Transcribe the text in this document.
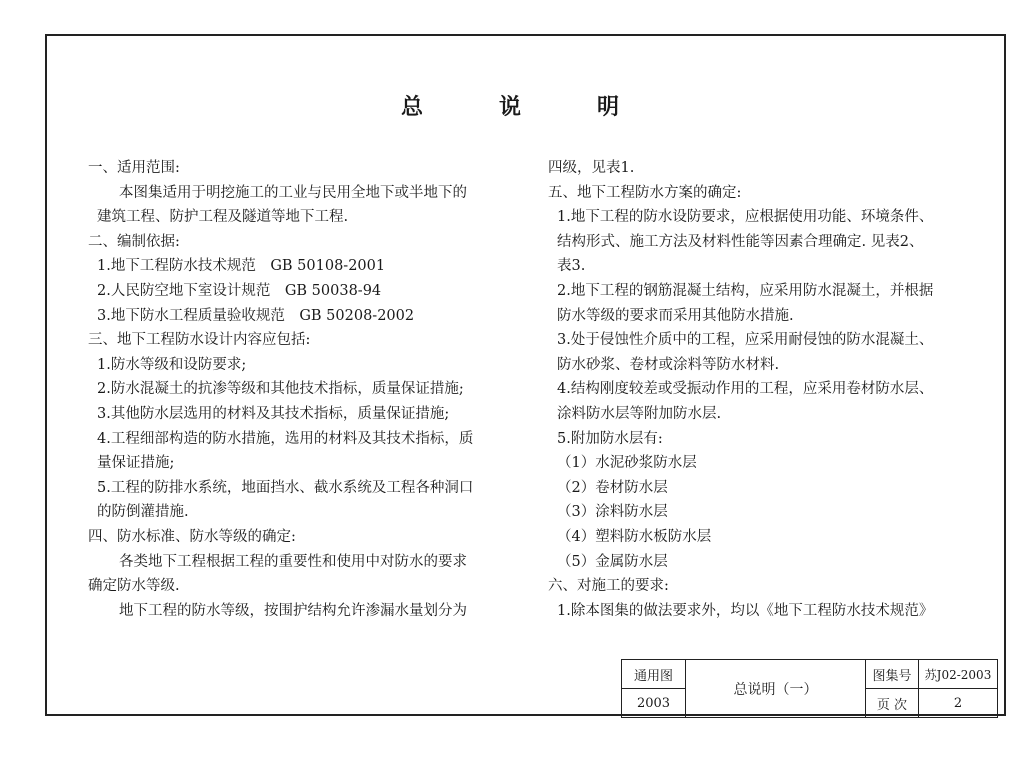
总	说	明
一、适用范围:
本图集适用于明挖施工的工业与民用全地下或半地下的
建筑工程、防护工程及隧道等地下工程.
二、编制依据:
1.地下工程防水技术规范　GB 50108-2001
2.人民防空地下室设计规范　GB 50038-94
3.地下防水工程质量验收规范　GB 50208-2002
三、地下工程防水设计内容应包括:
1.防水等级和设防要求;
2.防水混凝土的抗渗等级和其他技术指标，质量保证措施;
3.其他防水层选用的材料及其技术指标，质量保证措施;
4.工程细部构造的防水措施，选用的材料及其技术指标，质
量保证措施;
5.工程的防排水系统，地面挡水、截水系统及工程各种洞口
的防倒灌措施.
四、防水标准、防水等级的确定:
各类地下工程根据工程的重要性和使用中对防水的要求
确定防水等级.
地下工程的防水等级，按围护结构允许渗漏水量划分为
四级，见表1.
五、地下工程防水方案的确定:
1.地下工程的防水设防要求，应根据使用功能、环境条件、
结构形式、施工方法及材料性能等因素合理确定. 见表2、
表3.
2.地下工程的钢筋混凝土结构，应采用防水混凝土，并根据
防水等级的要求而采用其他防水措施.
3.处于侵蚀性介质中的工程，应采用耐侵蚀的防水混凝土、
防水砂浆、卷材或涂料等防水材料.
4.结构刚度较差或受振动作用的工程，应采用卷材防水层、
涂料防水层等附加防水层.
5.附加防水层有:
（1）水泥砂浆防水层
（2）卷材防水层
（3）涂料防水层
（4）塑料防水板防水层
（5）金属防水层
六、对施工的要求:
1.除本图集的做法要求外，均以《地下工程防水技术规范》
通用图	总说明（一）	图集号	苏J02-2003
2003		页 次	2
